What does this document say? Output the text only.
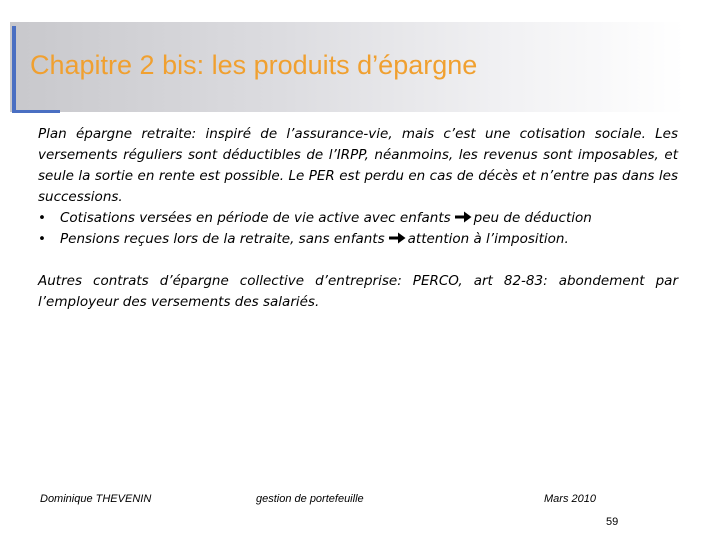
Chapitre 2 bis: les produits d’épargne

Plan épargne retraite: inspiré de l’assurance-vie, mais c’est une cotisation sociale. Les versements réguliers sont déductibles de l’IRPP, néanmoins, les revenus sont imposables, et seule la sortie en rente est possible. Le PER est perdu en cas de décès et n’entre pas dans les successions.

•	Cotisations versées en période de vie active avec enfants peu de déduction
•	Pensions reçues lors de la retraite, sans enfants attention à l’imposition.

Autres contrats d’épargne collective d’entreprise: PERCO, art 82-83: abondement par l’employeur des versements des salariés.

Dominique THEVENIN	gestion de portefeuille	Mars 2010
59
